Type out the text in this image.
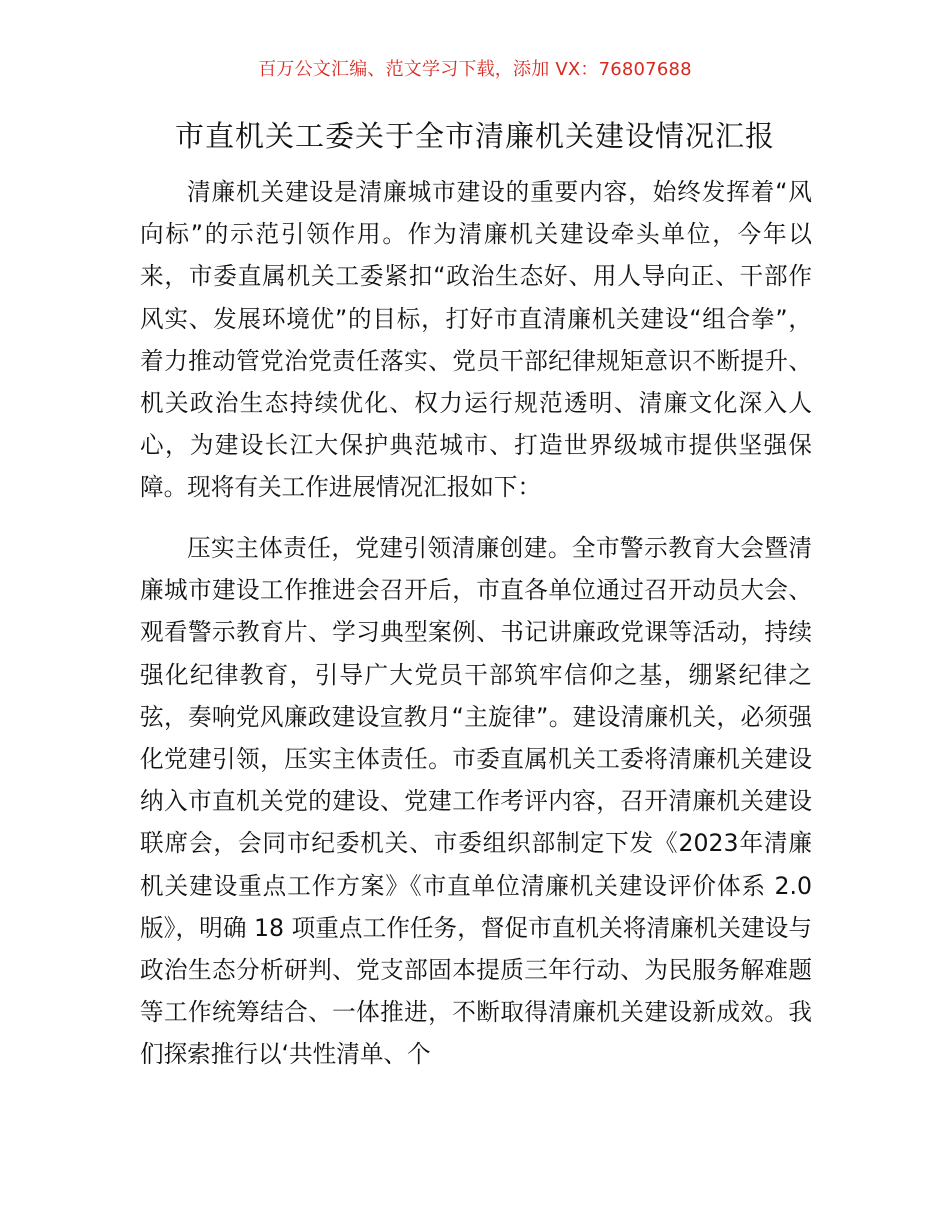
百万公文汇编、范文学习下载，添加 VX：76807688
市直机关工委关于全市清廉机关建设情况汇报

清廉机关建设是清廉城市建设的重要内容，始终发挥着“风向标”的示范引领作用。作为清廉机关建设牵头单位，今年以来，市委直属机关工委紧扣“政治生态好、用人导向正、干部作风实、发展环境优”的目标，打好市直清廉机关建设“组合拳”，着力推动管党治党责任落实、党员干部纪律规矩意识不断提升、机关政治生态持续优化、权力运行规范透明、清廉文化深入人心，为建设长江大保护典范城市、打造世界级城市提供坚强保障。现将有关工作进展情况汇报如下：

压实主体责任，党建引领清廉创建。全市警示教育大会暨清廉城市建设工作推进会召开后，市直各单位通过召开动员大会、观看警示教育片、学习典型案例、书记讲廉政党课等活动，持续强化纪律教育，引导广大党员干部筑牢信仰之基，绷紧纪律之弦，奏响党风廉政建设宣教月“主旋律”。建设清廉机关，必须强化党建引领，压实主体责任。市委直属机关工委将清廉机关建设纳入市直机关党的建设、党建工作考评内容，召开清廉机关建设联席会，会同市纪委机关、市委组织部制定下发《2023年清廉机关建设重点工作方案》《市直单位清廉机关建设评价体系 2.0 版》，明确 18 项重点工作任务，督促市直机关将清廉机关建设与政治生态分析研判、党支部固本提质三年行动、为民服务解难题等工作统筹结合、一体推进，不断取得清廉机关建设新成效。我们探索推行以‘共性清单、个
